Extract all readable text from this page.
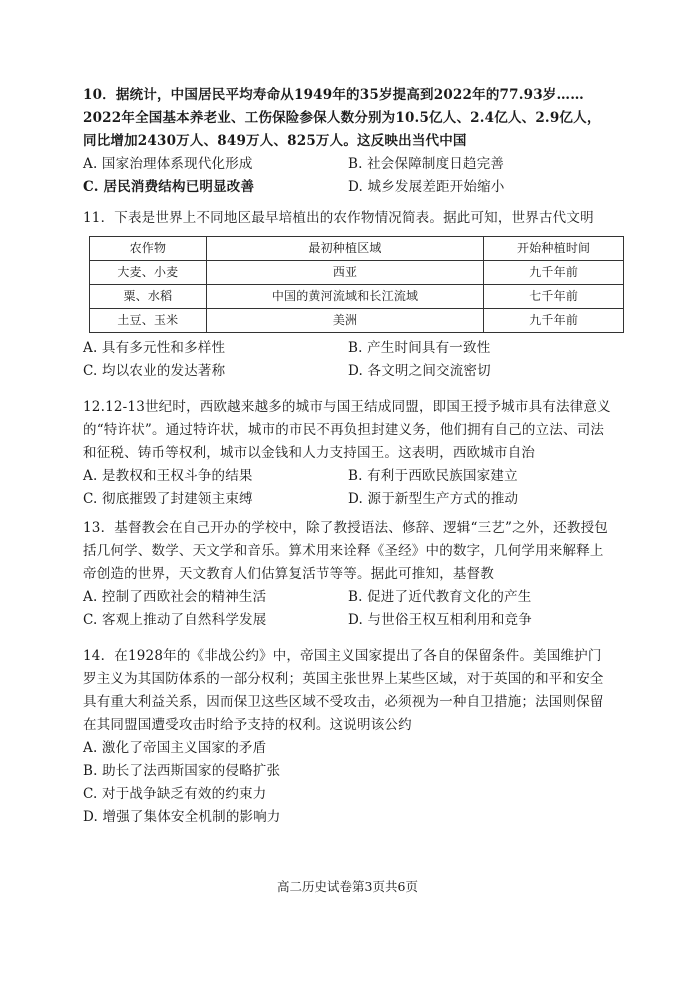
10．据统计，中国居民平均寿命从1949年的35岁提高到2022年的77.93岁……2022年全国基本养老业、工伤保险参保人数分别为10.5亿人、2.4亿人、2.9亿人，同比增加2430万人、849万人、825万人。这反映出当代中国

A. 国家治理体系现代化形成	B. 社会保障制度日趋完善
C. 居民消费结构已明显改善	D. 城乡发展差距开始缩小

11．下表是世界上不同地区最早培植出的农作物情况简表。据此可知，世界古代文明

农作物	最初种植区域	开始种植时间
大麦、小麦	西亚	九千年前
粟、水稻	中国的黄河流域和长江流域	七千年前
土豆、玉米	美洲	九千年前
A. 具有多元性和多样性	B. 产生时间具有一致性
C. 均以农业的发达著称	D. 各文明之间交流密切

12.12-13世纪时，西欧越来越多的城市与国王结成同盟，即国王授予城市具有法律意义的“特许状”。通过特许状，城市的市民不再负担封建义务，他们拥有自己的立法、司法和征税、铸币等权利，城市以金钱和人力支持国王。这表明，西欧城市自治

A. 是教权和王权斗争的结果	B. 有利于西欧民族国家建立
C. 彻底摧毁了封建领主束缚	D. 源于新型生产方式的推动

13．基督教会在自己开办的学校中，除了教授语法、修辞、逻辑“三艺”之外，还教授包括几何学、数学、天文学和音乐。算术用来诠释《圣经》中的数字，几何学用来解释上帝创造的世界，天文教育人们估算复活节等等。据此可推知，基督教

A. 控制了西欧社会的精神生活	B. 促进了近代教育文化的产生
C. 客观上推动了自然科学发展	D. 与世俗王权互相利用和竞争

14．在1928年的《非战公约》中，帝国主义国家提出了各自的保留条件。美国维护门罗主义为其国防体系的一部分权利；英国主张世界上某些区域，对于英国的和平和安全具有重大利益关系，因而保卫这些区域不受攻击，必须视为一种自卫措施；法国则保留在其同盟国遭受攻击时给予支持的权利。这说明该公约

A. 激化了帝国主义国家的矛盾
B. 助长了法西斯国家的侵略扩张
C. 对于战争缺乏有效的约束力
D. 增强了集体安全机制的影响力
高二历史试卷第3页共6页
